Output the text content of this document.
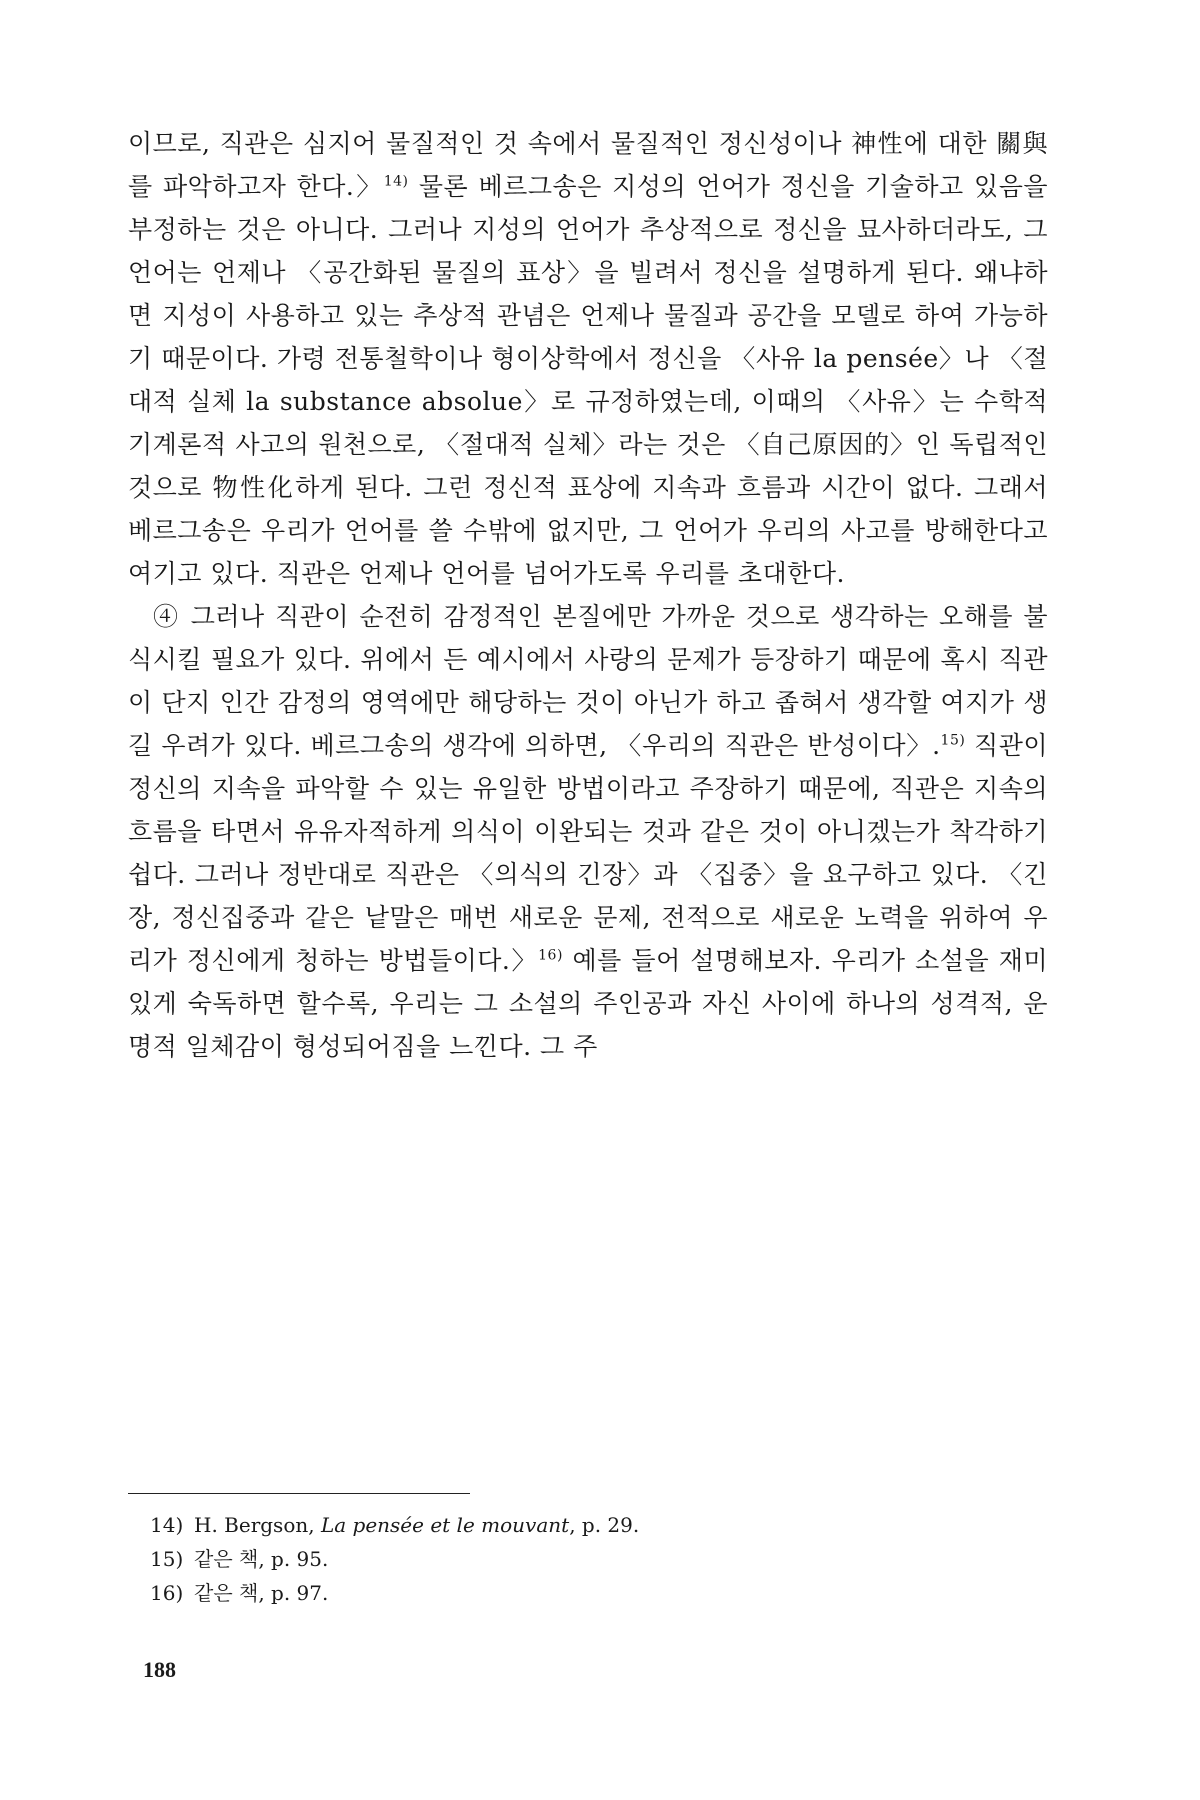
이므로, 직관은 심지어 물질적인 것 속에서 물질적인 정신성이나 神性에 대한 關與를 파악하고자 한다.〉$^{14)}$ 물론 베르그송은 지성의 언어가 정신을 기술하고 있음을 부정하는 것은 아니다. 그러나 지성의 언어가 추상적으로 정신을 묘사하더라도, 그 언어는 언제나 〈공간화된 물질의 표상〉을 빌려서 정신을 설명하게 된다. 왜냐하면 지성이 사용하고 있는 추상적 관념은 언제나 물질과 공간을 모델로 하여 가능하기 때문이다. 가령 전통철학이나 형이상학에서 정신을 〈사유 la pensée〉나 〈절대적 실체 la substance absolue〉로 규정하였는데, 이때의 〈사유〉는 수학적 기계론적 사고의 원천으로, 〈절대적 실체〉라는 것은 〈自己原因的〉인 독립적인 것으로 物性化하게 된다. 그런 정신적 표상에 지속과 흐름과 시간이 없다. 그래서 베르그송은 우리가 언어를 쓸 수밖에 없지만, 그 언어가 우리의 사고를 방해한다고 여기고 있다. 직관은 언제나 언어를 넘어가도록 우리를 초대한다.

④ 그러나 직관이 순전히 감정적인 본질에만 가까운 것으로 생각하는 오해를 불식시킬 필요가 있다. 위에서 든 예시에서 사랑의 문제가 등장하기 때문에 혹시 직관이 단지 인간 감정의 영역에만 해당하는 것이 아닌가 하고 좁혀서 생각할 여지가 생길 우려가 있다. 베르그송의 생각에 의하면, 〈우리의 직관은 반성이다〉.$^{15)}$ 직관이 정신의 지속을 파악할 수 있는 유일한 방법이라고 주장하기 때문에, 직관은 지속의 흐름을 타면서 유유자적하게 의식이 이완되는 것과 같은 것이 아니겠는가 착각하기 쉽다. 그러나 정반대로 직관은 〈의식의 긴장〉과 〈집중〉을 요구하고 있다. 〈긴장, 정신집중과 같은 낱말은 매번 새로운 문제, 전적으로 새로운 노력을 위하여 우리가 정신에게 청하는 방법들이다.〉$^{16)}$ 예를 들어 설명해보자. 우리가 소설을 재미있게 숙독하면 할수록, 우리는 그 소설의 주인공과 자신 사이에 하나의 성격적, 운명적 일체감이 형성되어짐을 느낀다. 그 주

14) H. Bergson, La pensée et le mouvant, p. 29.

15) 같은 책, p. 95.

16) 같은 책, p. 97.

188
